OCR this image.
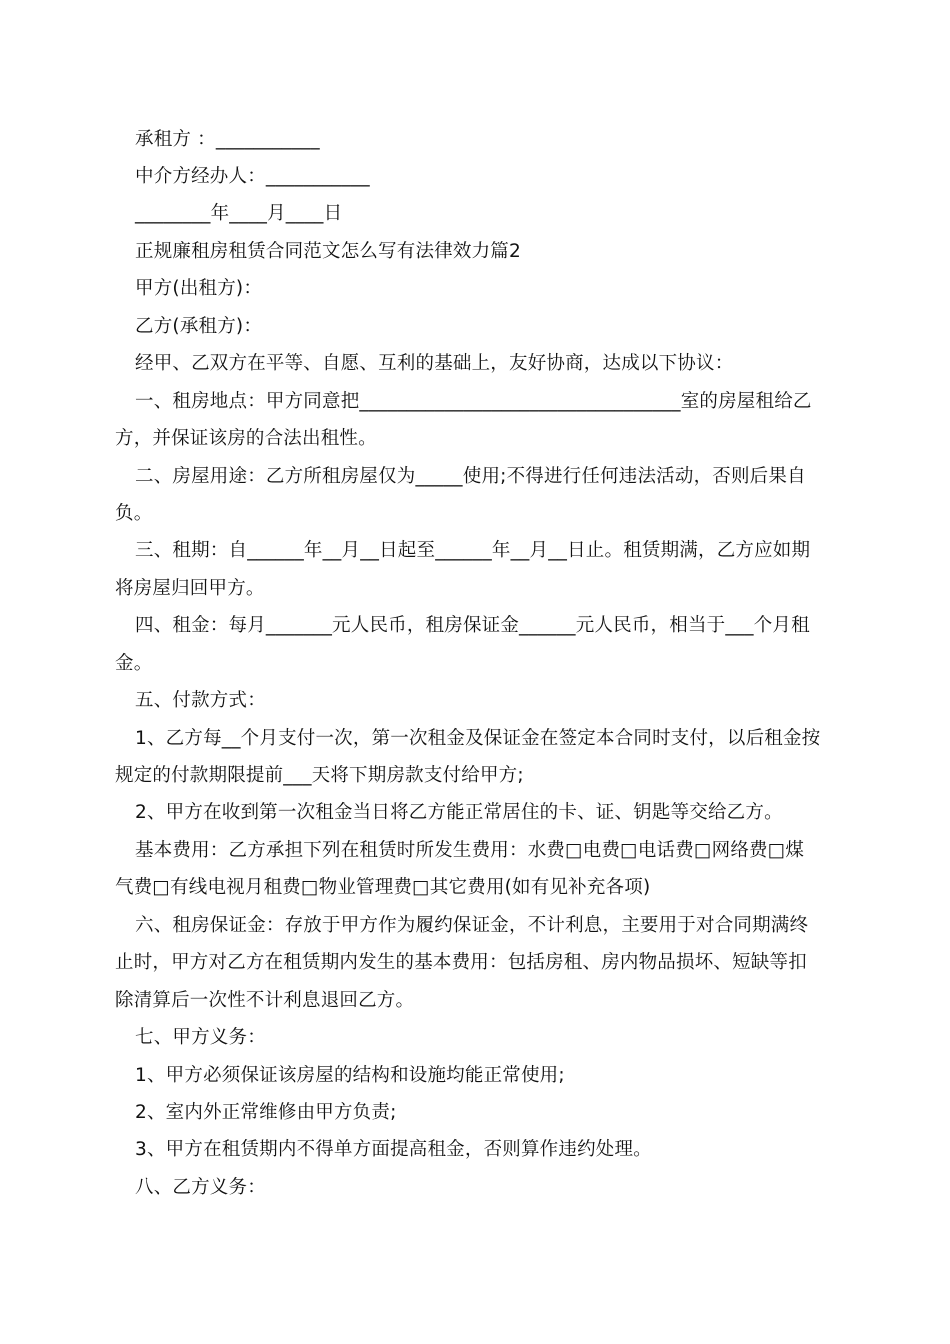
承租方 ：___________
中介方经办人：___________
________年____月____日
正规廉租房租赁合同范文怎么写有法律效力篇2
甲方(出租方)：
乙方(承租方)：
经甲、乙双方在平等、自愿、互利的基础上，友好协商，达成以下协议：
一、租房地点：甲方同意把__________________________________室的房屋租给乙
方，并保证该房的合法出租性。
二、房屋用途：乙方所租房屋仅为_____使用;不得进行任何违法活动，否则后果自
负。
三、租期：自______年__月__日起至______年__月__日止。租赁期满，乙方应如期
将房屋归回甲方。
四、租金：每月_______元人民币，租房保证金______元人民币，相当于___个月租
金。
五、付款方式：
1、乙方每__个月支付一次，第一次租金及保证金在签定本合同时支付，以后租金按
规定的付款期限提前___天将下期房款支付给甲方;
2、甲方在收到第一次租金当日将乙方能正常居住的卡、证、钥匙等交给乙方。
基本费用：乙方承担下列在租赁时所发生费用：水费□电费□电话费□网络费□煤
气费□有线电视月租费□物业管理费□其它费用(如有见补充各项)
六、租房保证金：存放于甲方作为履约保证金，不计利息，主要用于对合同期满终
止时，甲方对乙方在租赁期内发生的基本费用：包括房租、房内物品损坏、短缺等扣
除清算后一次性不计利息退回乙方。
七、甲方义务：
1、甲方必须保证该房屋的结构和设施均能正常使用;
2、室内外正常维修由甲方负责;
3、甲方在租赁期内不得单方面提高租金，否则算作违约处理。
八、乙方义务：
